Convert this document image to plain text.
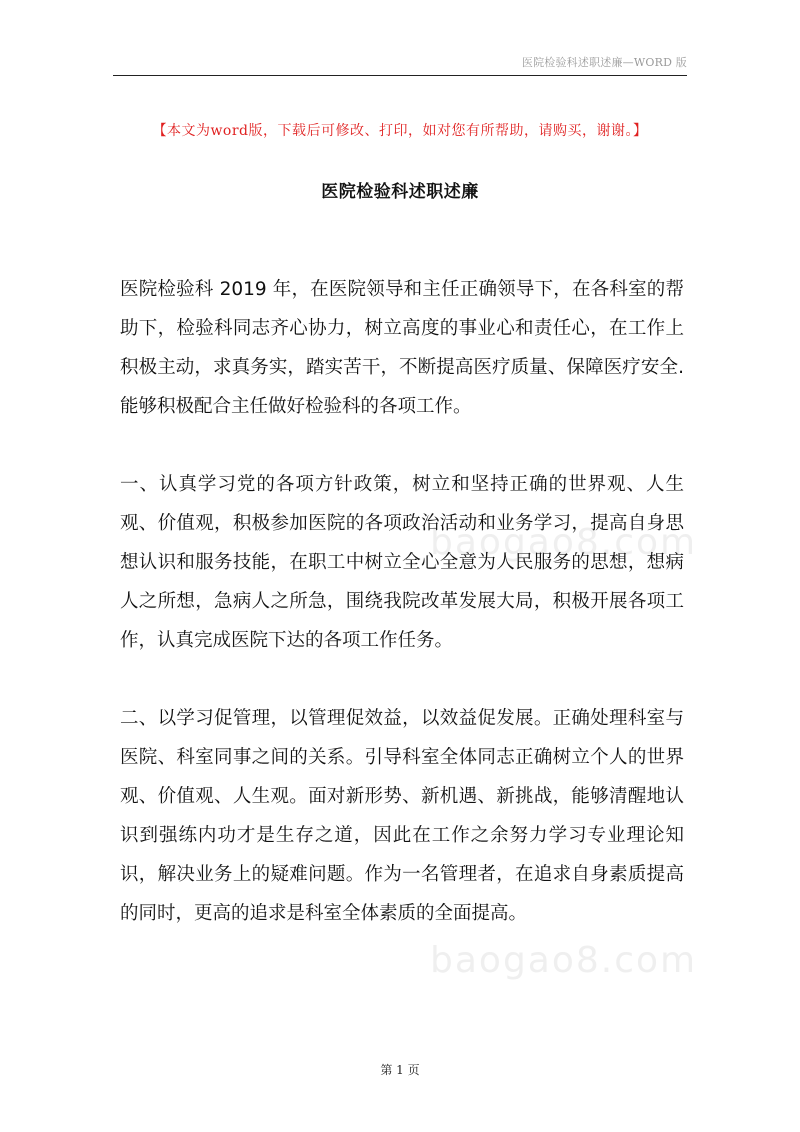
医院检验科述职述廉—WORD 版
【本文为word版，下载后可修改、打印，如对您有所帮助，请购买，谢谢。】
医院检验科述职述廉

医院检验科 2019 年，在医院领导和主任正确领导下，在各科室的帮助下，检验科同志齐心协力，树立高度的事业心和责任心，在工作上积极主动，求真务实，踏实苦干，不断提高医疗质量、保障医疗安全.能够积极配合主任做好检验科的各项工作。

一、认真学习党的各项方针政策，树立和坚持正确的世界观、人生观、价值观，积极参加医院的各项政治活动和业务学习，提高自身思想认识和服务技能，在职工中树立全心全意为人民服务的思想，想病人之所想，急病人之所急，围绕我院改革发展大局，积极开展各项工作，认真完成医院下达的各项工作任务。

二、以学习促管理，以管理促效益，以效益促发展。正确处理科室与医院、科室同事之间的关系。引导科室全体同志正确树立个人的世界观、价值观、人生观。面对新形势、新机遇、新挑战，能够清醒地认识到强练内功才是生存之道，因此在工作之余努力学习专业理论知识，解决业务上的疑难问题。作为一名管理者，在追求自身素质提高的同时，更高的追求是科室全体素质的全面提高。

baogao8.com
baogao8.com
第 1 页
